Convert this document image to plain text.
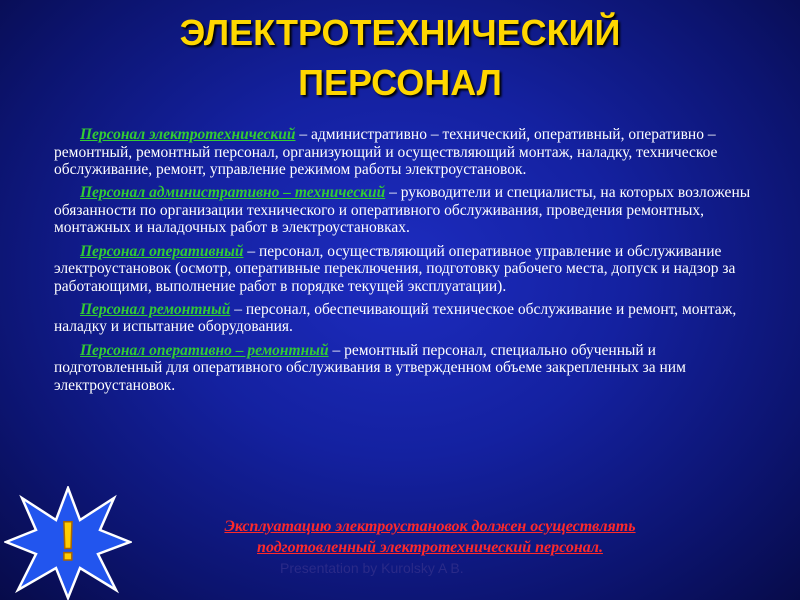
ЭЛЕКТРОТЕХНИЧЕСКИЙ
ПЕРСОНАЛ

Персонал электротехнический – административно – технический, оперативный, оперативно – ремонтный, ремонтный персонал, организующий и осуществляющий монтаж, наладку, техническое обслуживание, ремонт, управление режимом работы электроустановок.

Персонал административно – технический – руководители и специалисты, на которых возложены обязанности по организации технического и оперативного обслуживания, проведения ремонтных, монтажных и наладочных работ в электроустановках.

Персонал оперативный – персонал, осуществляющий оперативное управление и обслуживание электроустановок (осмотр, оперативные переключения, подготовку рабочего места, допуск и надзор за работающими, выполнение работ в порядке текущей эксплуатации).

Персонал ремонтный – персонал, обеспечивающий техническое обслуживание и ремонт, монтаж, наладку и испытание оборудования.

Персонал оперативно – ремонтный – ремонтный персонал, специально обученный и подготовленный для оперативного обслуживания в утвержденном объеме закрепленных за ним электроустановок.

!	Эксплуатацию электроустановок должен осуществлять
подготовленный электротехнический персонал.
Presentation by Kurolsky A B.
